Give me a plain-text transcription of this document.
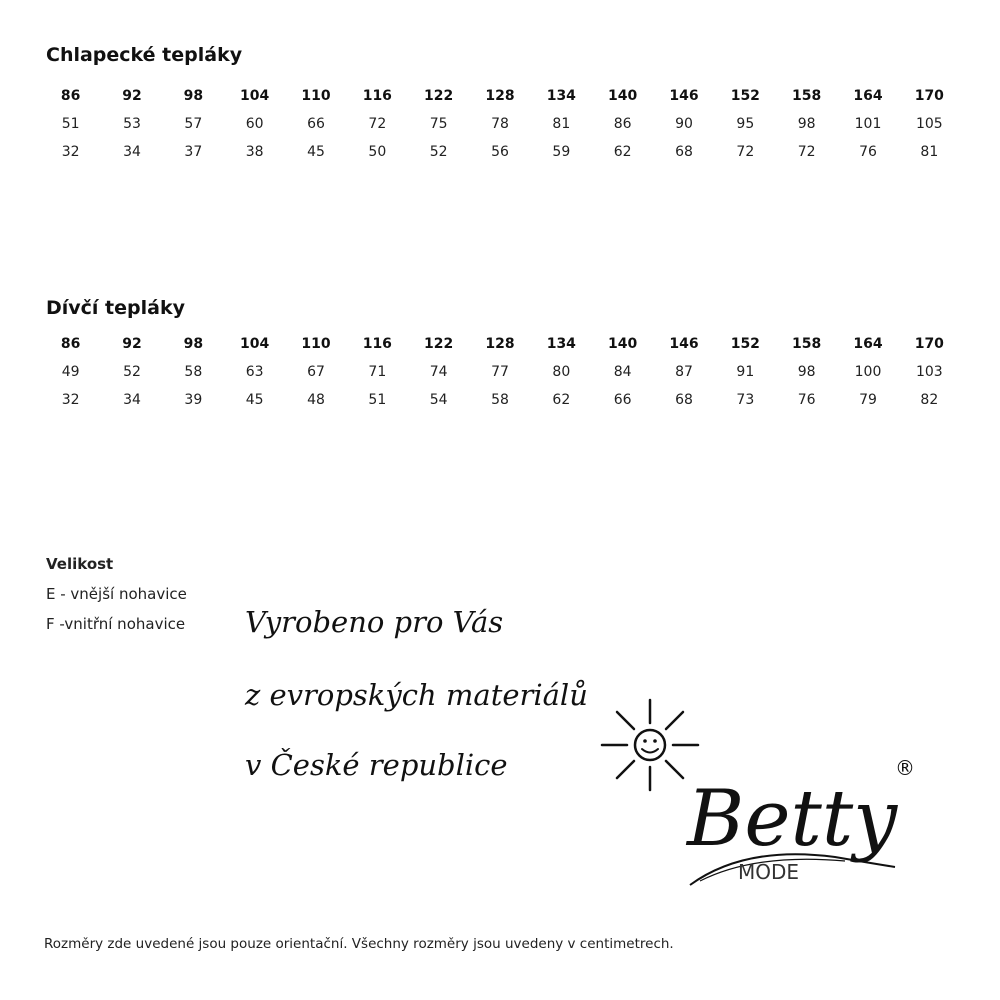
Chlapecké tepláky
86	92	98	104	110	116	122	128	134	140	146	152	158	164	170
51	53	57	60	66	72	75	78	81	86	90	95	98	101	105
32	34	37	38	45	50	52	56	59	62	68	72	72	76	81
Dívčí tepláky
86	92	98	104	110	116	122	128	134	140	146	152	158	164	170
49	52	58	63	67	71	74	77	80	84	87	91	98	100	103
32	34	39	45	48	51	54	58	62	66	68	73	76	79	82
Velikost
E - vnější nohavice
F -vnitřní nohavice Vyrobeno pro Vás
z evropských materiálů
v České republice
Betty
MODE
®
Rozměry zde uvedené jsou pouze orientační. Všechny rozměry jsou uvedeny v centimetrech.
